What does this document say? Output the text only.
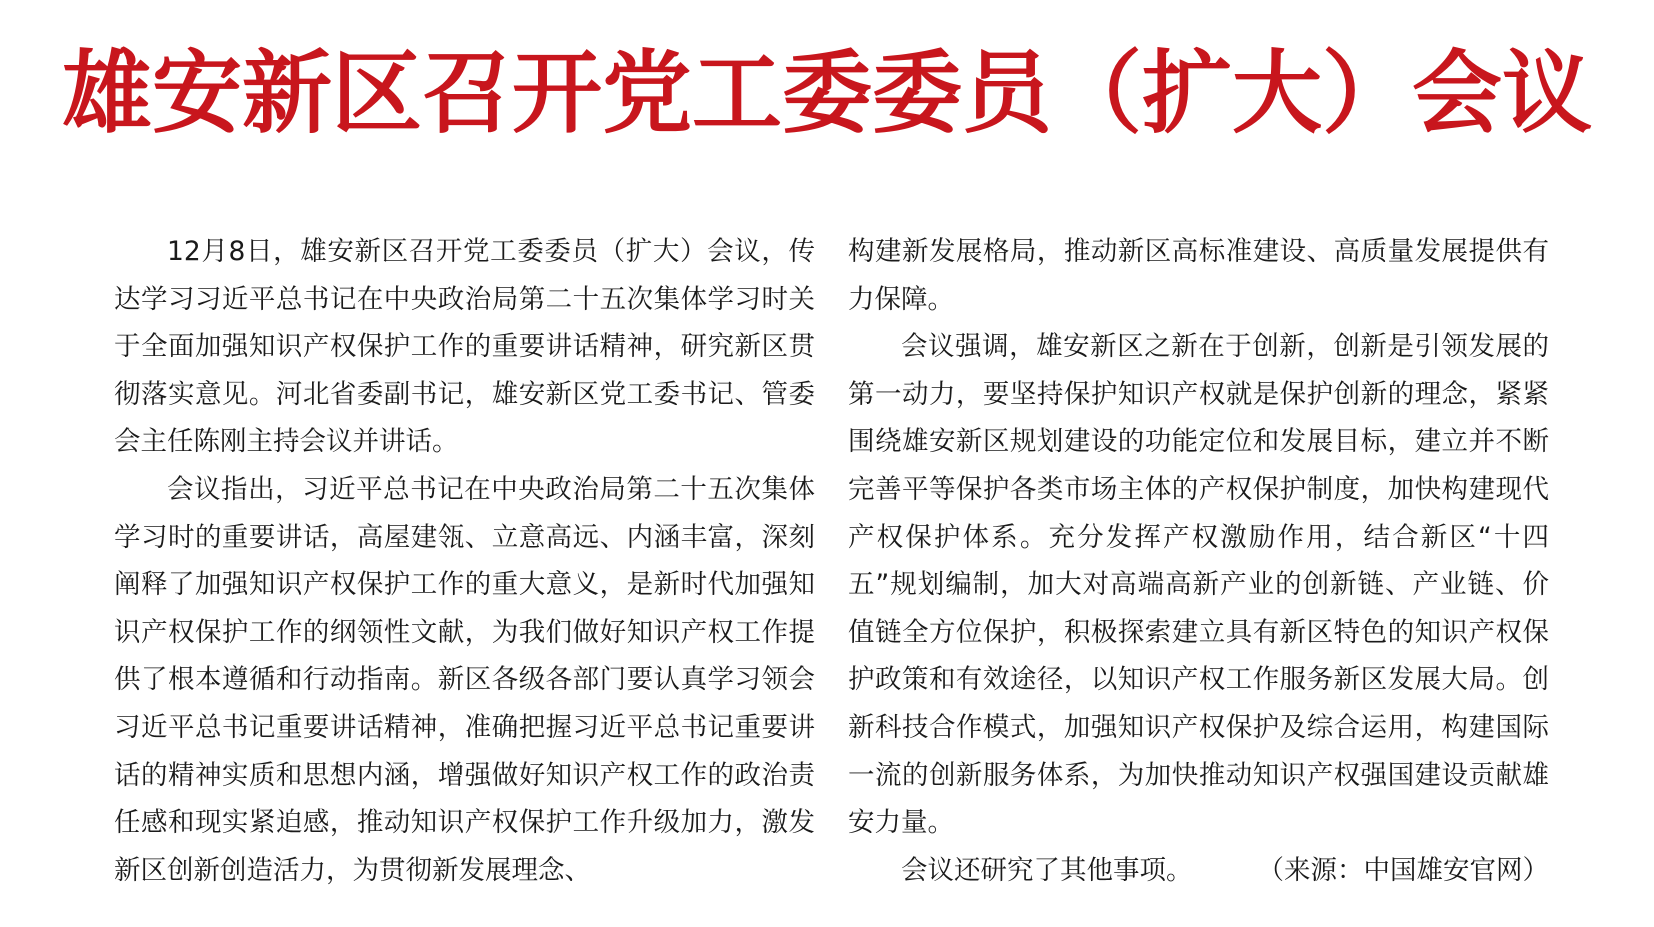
雄安新区召开党工委委员（扩大）会议

12月8日，雄安新区召开党工委委员（扩大）会议，传达学习习近平总书记在中央政治局第二十五次集体学习时关于全面加强知识产权保护工作的重要讲话精神，研究新区贯彻落实意见。河北省委副书记，雄安新区党工委书记、管委会主任陈刚主持会议并讲话。

会议指出，习近平总书记在中央政治局第二十五次集体学习时的重要讲话，高屋建瓴、立意高远、内涵丰富，深刻阐释了加强知识产权保护工作的重大意义，是新时代加强知识产权保护工作的纲领性文献，为我们做好知识产权工作提供了根本遵循和行动指南。新区各级各部门要认真学习领会习近平总书记重要讲话精神，准确把握习近平总书记重要讲话的精神实质和思想内涵，增强做好知识产权工作的政治责任感和现实紧迫感，推动知识产权保护工作升级加力，激发新区创新创造活力，为贯彻新发展理念、

构建新发展格局，推动新区高标准建设、高质量发展提供有力保障。

会议强调，雄安新区之新在于创新，创新是引领发展的第一动力，要坚持保护知识产权就是保护创新的理念，紧紧围绕雄安新区规划建设的功能定位和发展目标，建立并不断完善平等保护各类市场主体的产权保护制度，加快构建现代产权保护体系。充分发挥产权激励作用，结合新区“十四五”规划编制，加大对高端高新产业的创新链、产业链、价值链全方位保护，积极探索建立具有新区特色的知识产权保护政策和有效途径，以知识产权工作服务新区发展大局。创新科技合作模式，加强知识产权保护及综合运用，构建国际一流的创新服务体系，为加快推动知识产权强国建设贡献雄安力量。

会议还研究了其他事项。	（来源：中国雄安官网）
